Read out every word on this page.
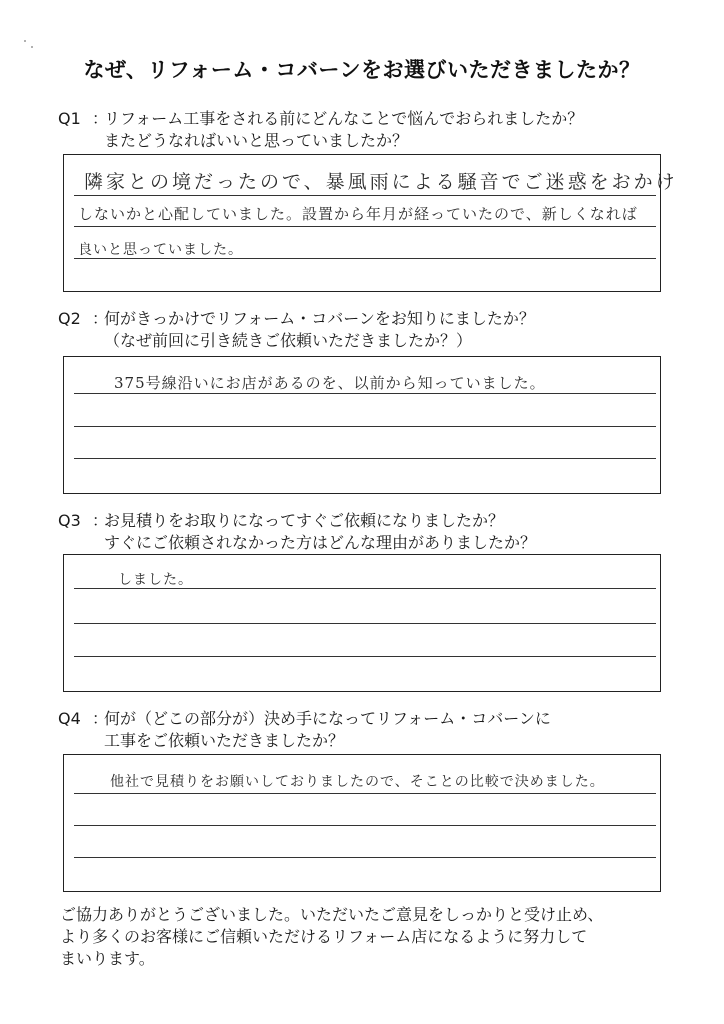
なぜ、リフォーム・コバーンをお選びいただきましたか？
Q1 ：リフォーム工事をされる前にどんなことで悩んでおられましたか？
またどうなればいいと思っていましたか？
隣家との境だったので、暴風雨による騒音でご迷惑をおかけ
しないかと心配していました。設置から年月が経っていたので、新しくなれば
良いと思っていました。
Q2 ：何がきっかけでリフォーム・コバーンをお知りにましたか？
（なぜ前回に引き続きご依頼いただきましたか？）
375号線沿いにお店があるのを、以前から知っていました。
Q3 ：お見積りをお取りになってすぐご依頼になりましたか？
すぐにご依頼されなかった方はどんな理由がありましたか？
しました。
Q4 ：何が（どこの部分が）決め手になってリフォーム・コバーンに
工事をご依頼いただきましたか？
他社で見積りをお願いしておりましたので、そことの比較で決めました。
ご協力ありがとうございました。いただいたご意見をしっかりと受け止め、
より多くのお客様にご信頼いただけるリフォーム店になるように努力して
まいります。
